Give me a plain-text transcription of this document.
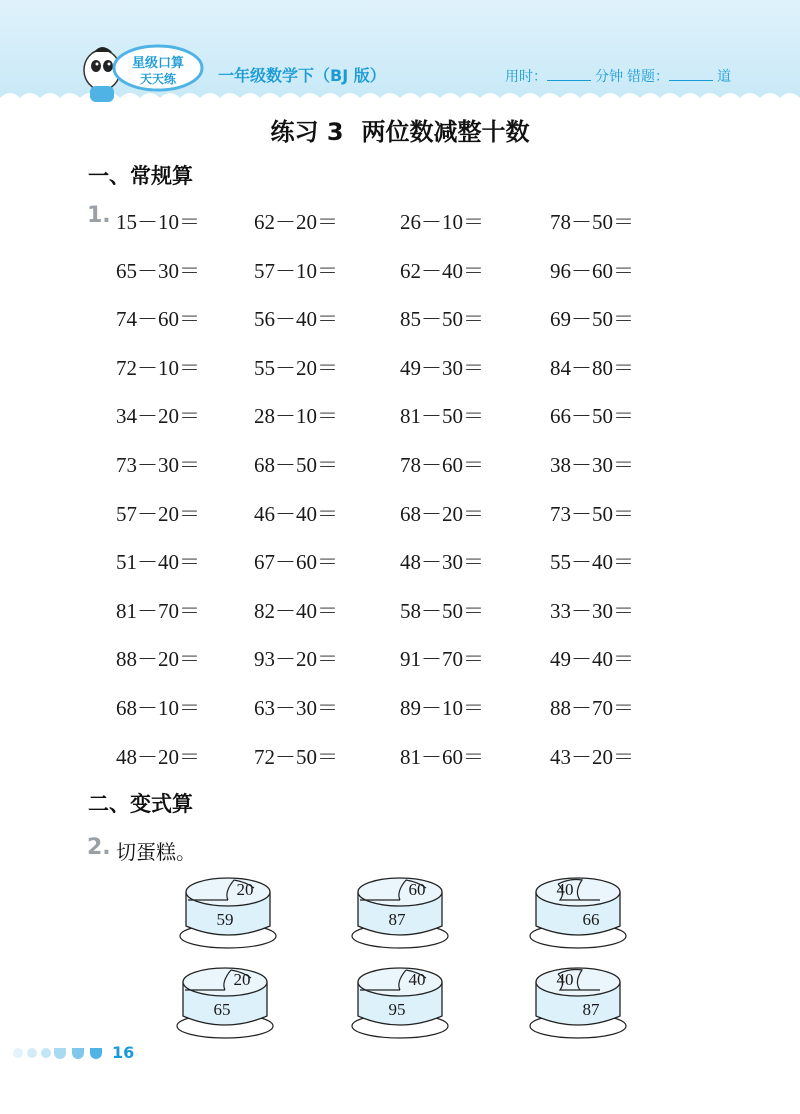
星级口算
天天练	一年级数学下（BJ 版）	用时：	分钟 错题：	道
练习 3 两位数减整十数
一、常规算
1. 15－10＝	62－20＝	26－10＝	78－50＝
65－30＝	57－10＝	62－40＝	96－60＝
74－60＝	56－40＝	85－50＝	69－50＝
72－10＝	55－20＝	49－30＝	84－80＝
34－20＝	28－10＝	81－50＝	66－50＝
73－30＝	68－50＝	78－60＝	38－30＝
57－20＝	46－40＝	68－20＝	73－50＝
51－40＝	67－60＝	48－30＝	55－40＝
81－70＝	82－40＝	58－50＝	33－30＝
88－20＝	93－20＝	91－70＝	49－40＝
68－10＝	63－30＝	89－10＝	88－70＝
48－20＝	72－50＝	81－60＝	43－20＝
二、变式算
2. 切蛋糕。
20
59
60
87
40
66
20
65
40
95
40
87
16
